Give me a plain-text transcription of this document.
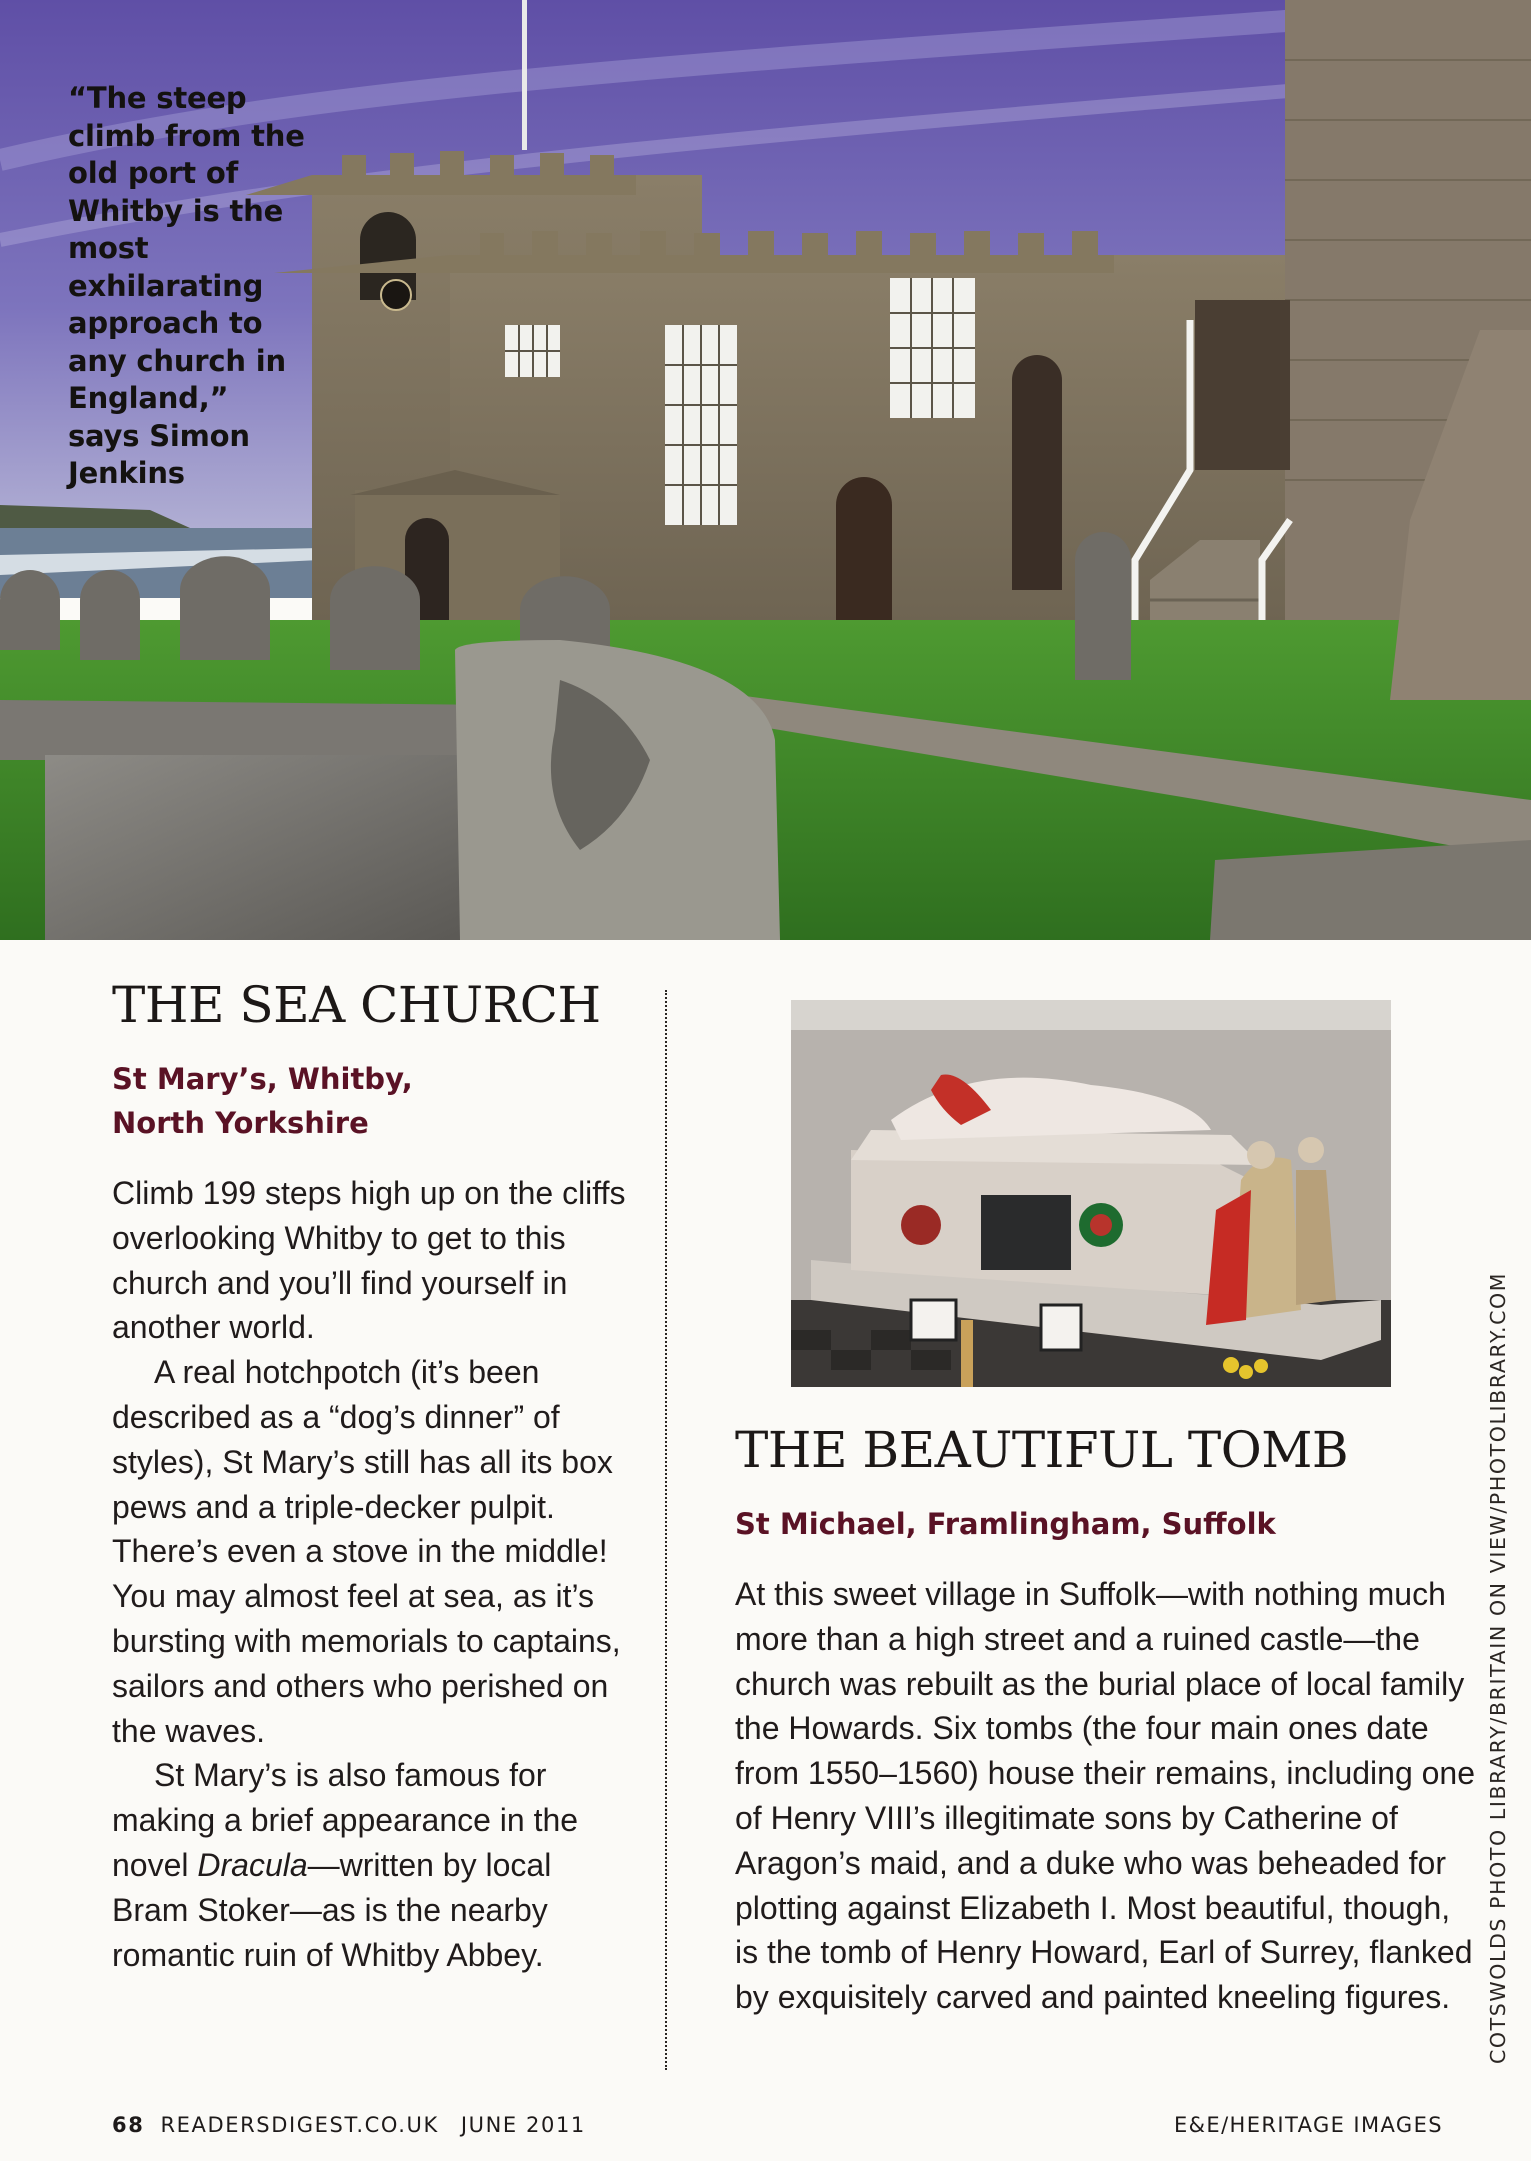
“The steep climb from the old port of Whitby is the most exhilarating approach to any church in England,” says Simon Jenkins
THE SEA CHURCH

St Mary’s, Whitby,

North Yorkshire

Climb 199 steps high up on the cliffs overlooking Whitby to get to this church and you’ll find yourself in another world.

A real hotchpotch (it’s been described as a “dog’s dinner” of styles), St Mary’s still has all its box pews and a triple-decker pulpit. There’s even a stove in the middle! You may almost feel at sea, as it’s bursting with memorials to captains, sailors and others who perished on the waves.

St Mary’s is also famous for making a brief appearance in the novel Dracula—written by local Bram Stoker—as is the nearby romantic ruin of Whitby Abbey.

THE BEAUTIFUL TOMB

St Michael, Framlingham, Suffolk

At this sweet village in Suffolk—with nothing much more than a high street and a ruined castle—the church was rebuilt as the burial place of local family the Howards. Six tombs (the four main ones date from 1550–1560) house their remains, including one of Henry VIII’s illegitimate sons by Catherine of Aragon’s maid, and a duke who was beheaded for plotting against Elizabeth I. Most beautiful, though, is the tomb of Henry Howard, Earl of Surrey, flanked by exquisitely carved and painted kneeling figures.	COTSWOLDS PHOTO LIBRARY/BRITAIN ON VIEW/PHOTOLIBRARY.COM
68 READERSDIGEST.CO.UK JUNE 2011	E&E/HERITAGE IMAGES
